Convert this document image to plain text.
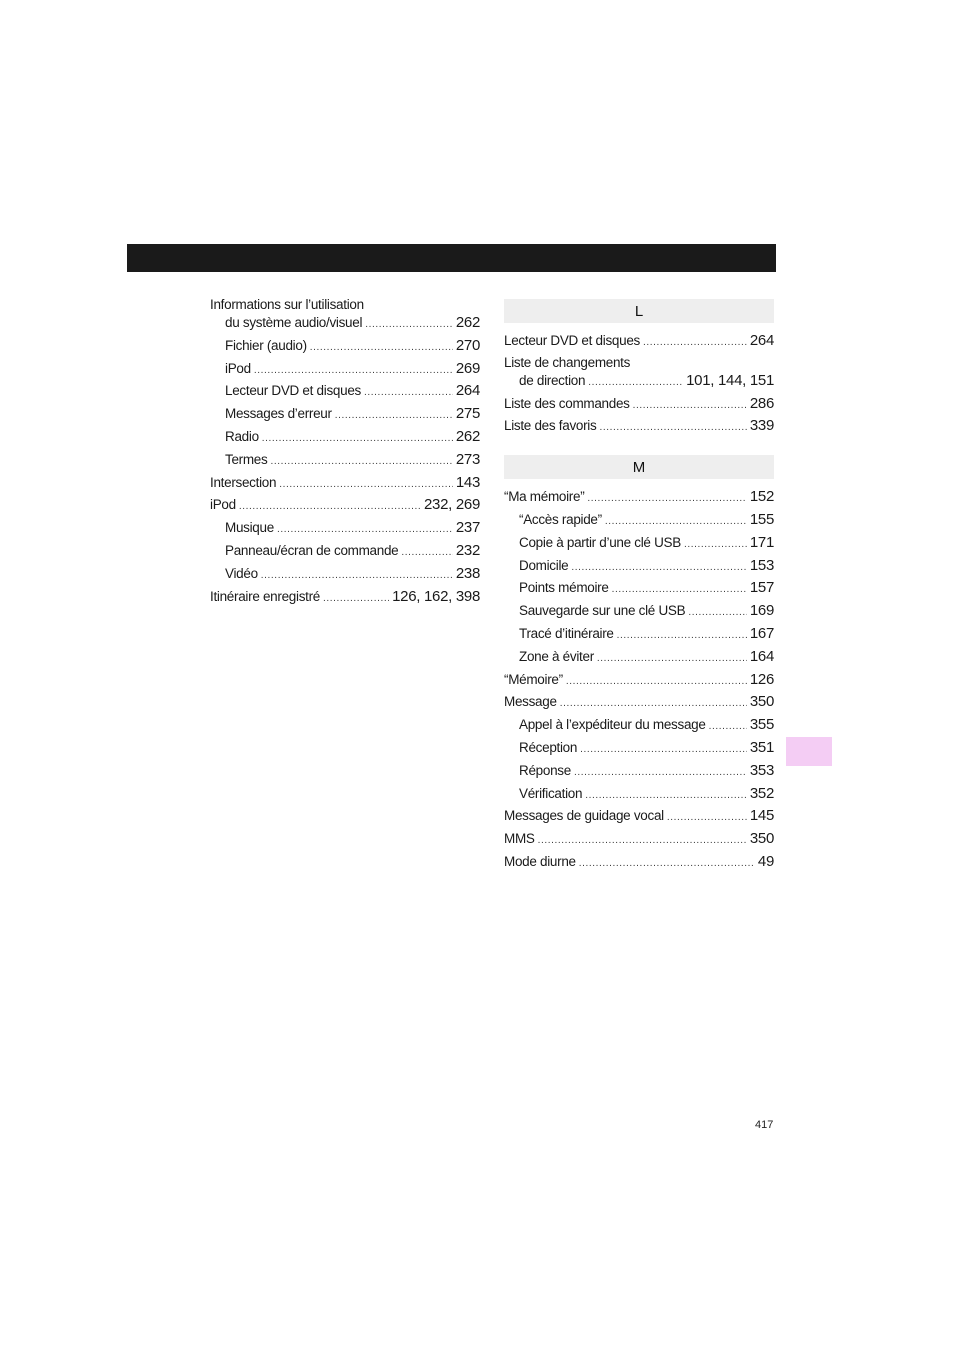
Informations sur l’utilisation
du système audio/visuel .....	262
Fichier (audio) .....	270
iPod .....	269
Lecteur DVD et disques .....	264
Messages d’erreur .....	275
Radio .....	262
Termes .....	273
Intersection .....	143
iPod .....	232, 269
Musique .....	237
Panneau/écran de commande .....	232
Vidéo .....	238
Itinéraire enregistré .....	126, 162, 398
L
Lecteur DVD et disques .....	264
Liste de changements
de direction .....	101, 144, 151
Liste des commandes .....	286
Liste des favoris .....	339
M
“Ma mémoire” .....	152
“Accès rapide” .....	155
Copie à partir d’une clé USB .....	171
Domicile .....	153
Points mémoire .....	157
Sauvegarde sur une clé USB .....	169
Tracé d’itinéraire .....	167
Zone à éviter .....	164
“Mémoire” .....	126
Message .....	350
Appel à l’expéditeur du message .....	355
Réception .....	351
Réponse .....	353
Vérification .....	352
Messages de guidage vocal .....	145
MMS .....	350
Mode diurne .....	49
417
